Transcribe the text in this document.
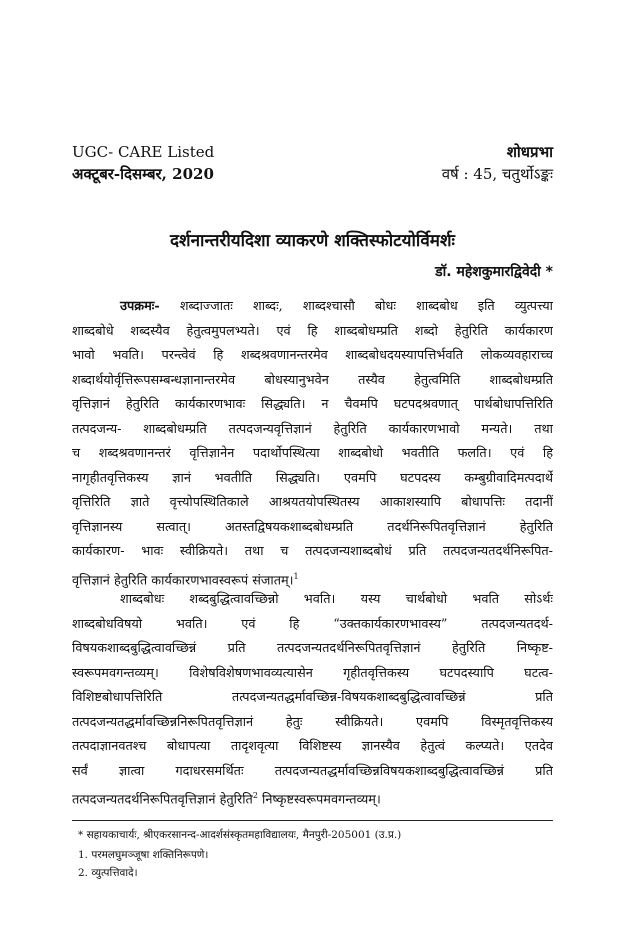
UGC- CARE Listed
अक्टूबर-दिसम्बर, 2020
शोधप्रभा
वर्ष : 45, चतुर्थोऽङ्कः
दर्शनान्तरीयदिशा व्याकरणे शक्तिस्फोटयोर्विमर्शः
डॉ. महेशकुमारद्विवेदी *
उपक्रमः- शब्दाज्जातः शाब्दः, शाब्दश्चासौ बोधः शाब्दबोध इति व्युत्पत्त्या
शाब्दबोधे शब्दस्यैव हेतुत्वमुपलभ्यते। एवं हि शाब्दबोधम्प्रति शब्दो हेतुरिति कार्यकारण
भावो भवति। परन्त्वेवं हि शब्दश्रवणानन्तरमेव शाब्दबोधदयस्यापत्तिर्भवति लोकव्यवहाराच्च
शब्दार्थयोर्वृत्तिरूपसम्बन्धज्ञानान्तरमेव बोधस्यानुभवेन तस्यैव हेतुत्वमिति शाब्दबोधम्प्रति
वृत्तिज्ञानं हेतुरिति कार्यकारणभावः सिद्ध्यति। न चैवमपि घटपदश्रवणात् पार्थबोधापत्तिरिति
तत्पदजन्य- शाब्दबोधम्प्रति तत्पदजन्यवृत्तिज्ञानं हेतुरिति कार्यकारणभावो मन्यते। तथा
च शब्दश्रवणानन्तरं वृत्तिज्ञानेन पदार्थोपस्थित्या शाब्दबोधो भवतीति फलति। एवं हि
नागृहीतवृत्तिकस्य ज्ञानं भवतीति सिद्ध्यति। एवमपि घटपदस्य कम्बुग्रीवादिमत्पदार्थे
वृत्तिरिति ज्ञाते वृत्त्योपस्थितिकाले आश्रयतयोपस्थितस्य आकाशस्यापि बोधापत्तिः तदानीं
वृत्तिज्ञानस्य सत्वात्। अतस्तद्विषयकशाब्दबोधम्प्रति तदर्थनिरूपितवृत्तिज्ञानं हेतुरिति
कार्यकारण- भावः स्वीक्रियते। तथा च तत्पदजन्यशाब्दबोधं प्रति तत्पदजन्यतदर्थनिरूपित-
वृत्तिज्ञानं हेतुरिति कार्यकारणभावस्वरूपं संजातम्।$^1$
शाब्दबोधः शब्दबुद्धित्वावच्छिन्नो भवति। यस्य चार्थबोधो भवति सोऽर्थः
शाब्दबोधविषयो भवति। एवं हि “उक्तकार्यकारणभावस्य” तत्पदजन्यतदर्थ-
विषयकशाब्दबुद्धित्वावच्छिन्नं प्रति तत्पदजन्यतदर्थनिरूपितवृत्तिज्ञानं हेतुरिति निष्कृष्ट-
स्वरूपमवगन्तव्यम्। विशेषविशेषणभावव्यत्यासेन गृहीतवृत्तिकस्य घटपदस्यापि घटत्व-
विशिष्टबोधापत्तिरिति तत्पदजन्यतद्धर्मावच्छिन्न-विषयकशाब्दबुद्धित्वावच्छिन्नं प्रति
तत्पदजन्यतद्धर्मावच्छिन्ननिरूपितवृत्तिज्ञानं हेतुः स्वीक्रियते। एवमपि विस्मृतवृत्तिकस्य
तत्पदाज्ञानवतश्च बोधापत्या तादृशवृत्या विशिष्टस्य ज्ञानस्यैव हेतुत्वं कल्प्यते। एतदेव
सर्वं ज्ञात्वा गदाधरसमर्थितः तत्पदजन्यतद्धर्मावच्छिन्नविषयकशाब्दबुद्धित्वावच्छिन्नं प्रति
तत्पदजन्यतदर्थनिरूपितवृत्तिज्ञानं हेतुरिति$^2$ निष्कृष्टस्वरूपमवगन्तव्यम्।
* सहायकाचार्यः, श्रीएकरसानन्द-आदर्शसंस्कृतमहाविद्यालयः, मैनपुरी-205001 (उ.प्र.)
1. परमलघुमञ्जूषा शक्तिनिरूपणे।
2. व्युत्पत्तिवादे।
